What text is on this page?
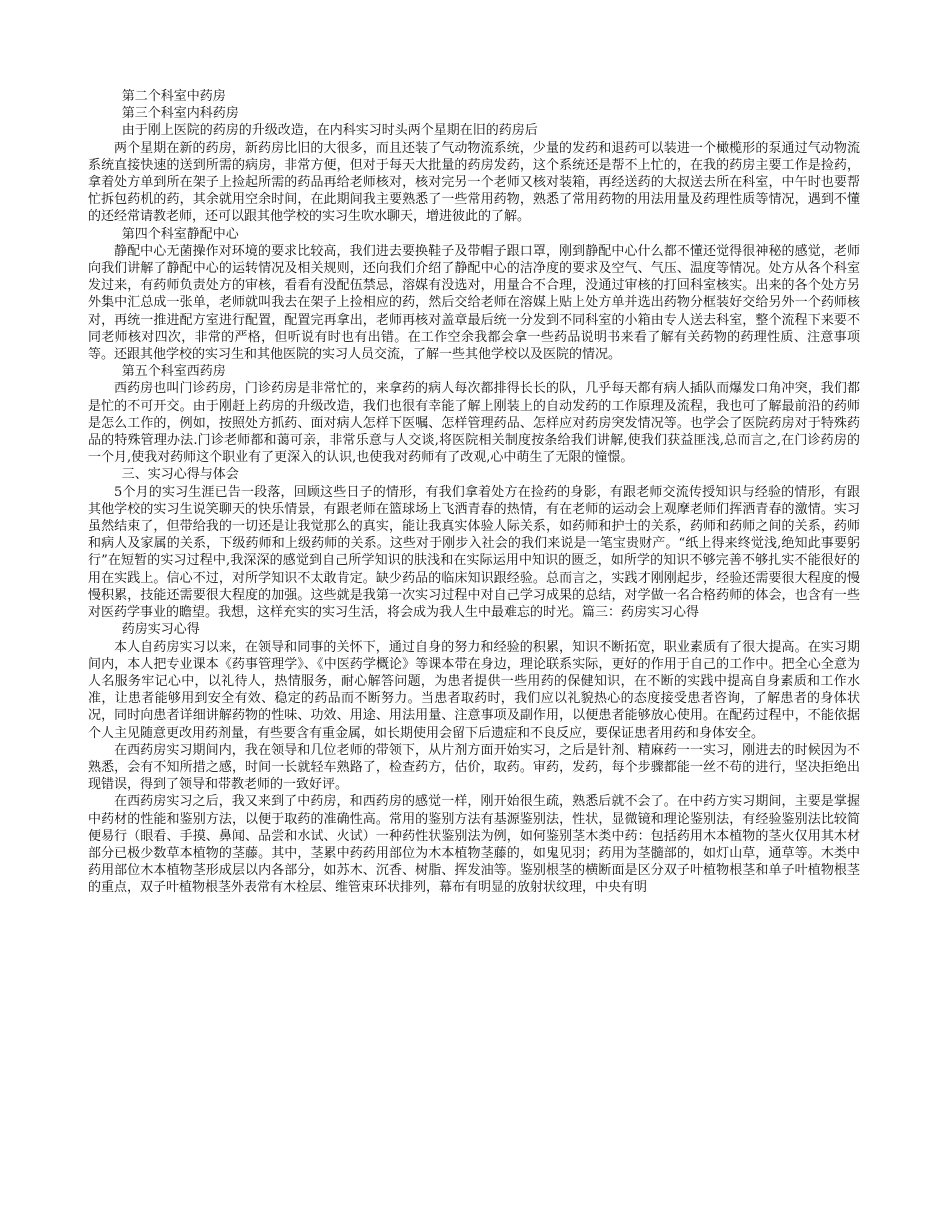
第二个科室中药房

第三个科室内科药房

由于刚上医院的药房的升级改造，在内科实习时头两个星期在旧的药房后

两个星期在新的药房，新药房比旧的大很多，而且还装了气动物流系统，少量的发药和退药可以装进一个橄榄形的泵通过气动物流系统直接快速的送到所需的病房，非常方便，但对于每天大批量的药房发药，这个系统还是帮不上忙的，在我的药房主要工作是捡药，拿着处方单到所在架子上捡起所需的药品再给老师核对，核对完另一个老师又核对装箱，再经送药的大叔送去所在科室，中午时也要帮忙拆包药机的药，其余就用空余时间，在此期间我主要熟悉了一些常用药物，熟悉了常用药物的用法用量及药理性质等情况，遇到不懂的还经常请教老师，还可以跟其他学校的实习生吹水聊天，增进彼此的了解。

第四个科室静配中心

静配中心无菌操作对环境的要求比较高，我们进去要换鞋子及带帽子跟口罩，刚到静配中心什么都不懂还觉得很神秘的感觉，老师向我们讲解了静配中心的运转情况及相关规则，还向我们介绍了静配中心的洁净度的要求及空气、气压、温度等情况。处方从各个科室发过来，有药师负责处方的审核，看看有没配伍禁忌，溶媒有没选对，用量合不合理，没通过审核的打回科室核实。出来的各个处方另外集中汇总成一张单，老师就叫我去在架子上捡相应的药，然后交给老师在溶媒上贴上处方单并选出药物分框装好交给另外一个药师核对，再统一推进配方室进行配置，配置完再拿出，老师再核对盖章最后统一分发到不同科室的小箱由专人送去科室，整个流程下来要不同老师核对四次，非常的严格，但听说有时也有出错。在工作空余我都会拿一些药品说明书来看了解有关药物的药理性质、注意事项等。还跟其他学校的实习生和其他医院的实习人员交流，了解一些其他学校以及医院的情况。

第五个科室西药房

西药房也叫门诊药房，门诊药房是非常忙的，来拿药的病人每次都排得长长的队，几乎每天都有病人插队而爆发口角冲突，我们都是忙的不可开交。由于刚赶上药房的升级改造，我们也很有幸能了解上刚装上的自动发药的工作原理及流程，我也可了解最前沿的药师是怎么工作的，例如，按照处方抓药、面对病人怎样下医嘱、怎样管理药品、怎样应对药房突发情况等。也学会了医院药房对于特殊药品的特殊管理办法.门诊老师都和蔼可亲，非常乐意与人交谈,将医院相关制度按条给我们讲解,使我们获益匪浅,总而言之,在门诊药房的一个月,使我对药师这个职业有了更深入的认识,也使我对药师有了改观,心中萌生了无限的憧憬。

三、实习心得与体会

5个月的实习生涯已告一段落，回顾这些日子的情形，有我们拿着处方在捡药的身影，有跟老师交流传授知识与经验的情形，有跟其他学校的实习生说笑聊天的快乐情景，有跟老师在篮球场上飞洒青春的热情，有在老师的运动会上观摩老师们挥洒青春的激情。实习虽然结束了，但带给我的一切还是让我觉那么的真实，能让我真实体验人际关系，如药师和护士的关系，药师和药师之间的关系，药师和病人及家属的关系，下级药师和上级药师的关系。这些对于刚步入社会的我们来说是一笔宝贵财产。“纸上得来终觉浅,绝知此事要躬行”在短暂的实习过程中,我深深的感觉到自己所学知识的肤浅和在实际运用中知识的匮乏，如所学的知识不够完善不够扎实不能很好的用在实践上。信心不过，对所学知识不太敢肯定。缺少药品的临床知识跟经验。总而言之，实践才刚刚起步，经验还需要很大程度的慢慢积累，技能还需要很大程度的加强。这些就是我第一次实习过程中对自己学习成果的总结，对学做一名合格药师的体会，也含有一些对医药学事业的瞻望。我想，这样充实的实习生活，将会成为我人生中最难忘的时光。篇三：药房实习心得

药房实习心得

本人自药房实习以来，在领导和同事的关怀下，通过自身的努力和经验的积累，知识不断拓宽，职业素质有了很大提高。在实习期间内，本人把专业课本《药事管理学》、《中医药学概论》等课本带在身边，理论联系实际，更好的作用于自己的工作中。把全心全意为人名服务牢记心中，以礼待人，热情服务，耐心解答问题，为患者提供一些用药的保健知识，在不断的实践中提高自身素质和工作水准，让患者能够用到安全有效、稳定的药品而不断努力。当患者取药时，我们应以礼貌热心的态度接受患者咨询，了解患者的身体状况，同时向患者详细讲解药物的性味、功效、用途、用法用量、注意事项及副作用，以便患者能够放心使用。在配药过程中，不能依据个人主见随意更改用药剂量，有些要含有重金属，如长期使用会留下后遗症和不良反应，要保证患者用药和身体安全。

在西药房实习期间内，我在领导和几位老师的带领下，从片剂方面开始实习，之后是针剂、精麻药一一实习，刚进去的时候因为不熟悉，会有不知所措之感，时间一长就轻车熟路了，检查药方，估价，取药。审药，发药，每个步骤都能一丝不苟的进行，坚决拒绝出现错误，得到了领导和带教老师的一致好评。

在西药房实习之后，我又来到了中药房，和西药房的感觉一样，刚开始很生疏，熟悉后就不会了。在中药方实习期间，主要是掌握中药材的性能和鉴别方法，以便于取药的准确性高。常用的鉴别方法有基源鉴别法，性状，显微镜和理论鉴别法，有经验鉴别法比较简便易行（眼看、手摸、鼻闻、品尝和水试、火试）一种药性状鉴别法为例，如何鉴别茎木类中药：包括药用木本植物的茎火仅用其木材部分已极少数草本植物的茎藤。其中，茎累中药药用部位为木本植物茎藤的，如鬼见羽；药用为茎髓部的，如灯山草，通草等。木类中药用部位木本植物茎形成层以内各部分，如苏木、沉香、树脂、挥发油等。鉴别根茎的横断面是区分双子叶植物根茎和单子叶植物根茎的重点，双子叶植物根茎外表常有木栓层、维管束环状排列，幕布有明显的放射状纹理，中央有明
